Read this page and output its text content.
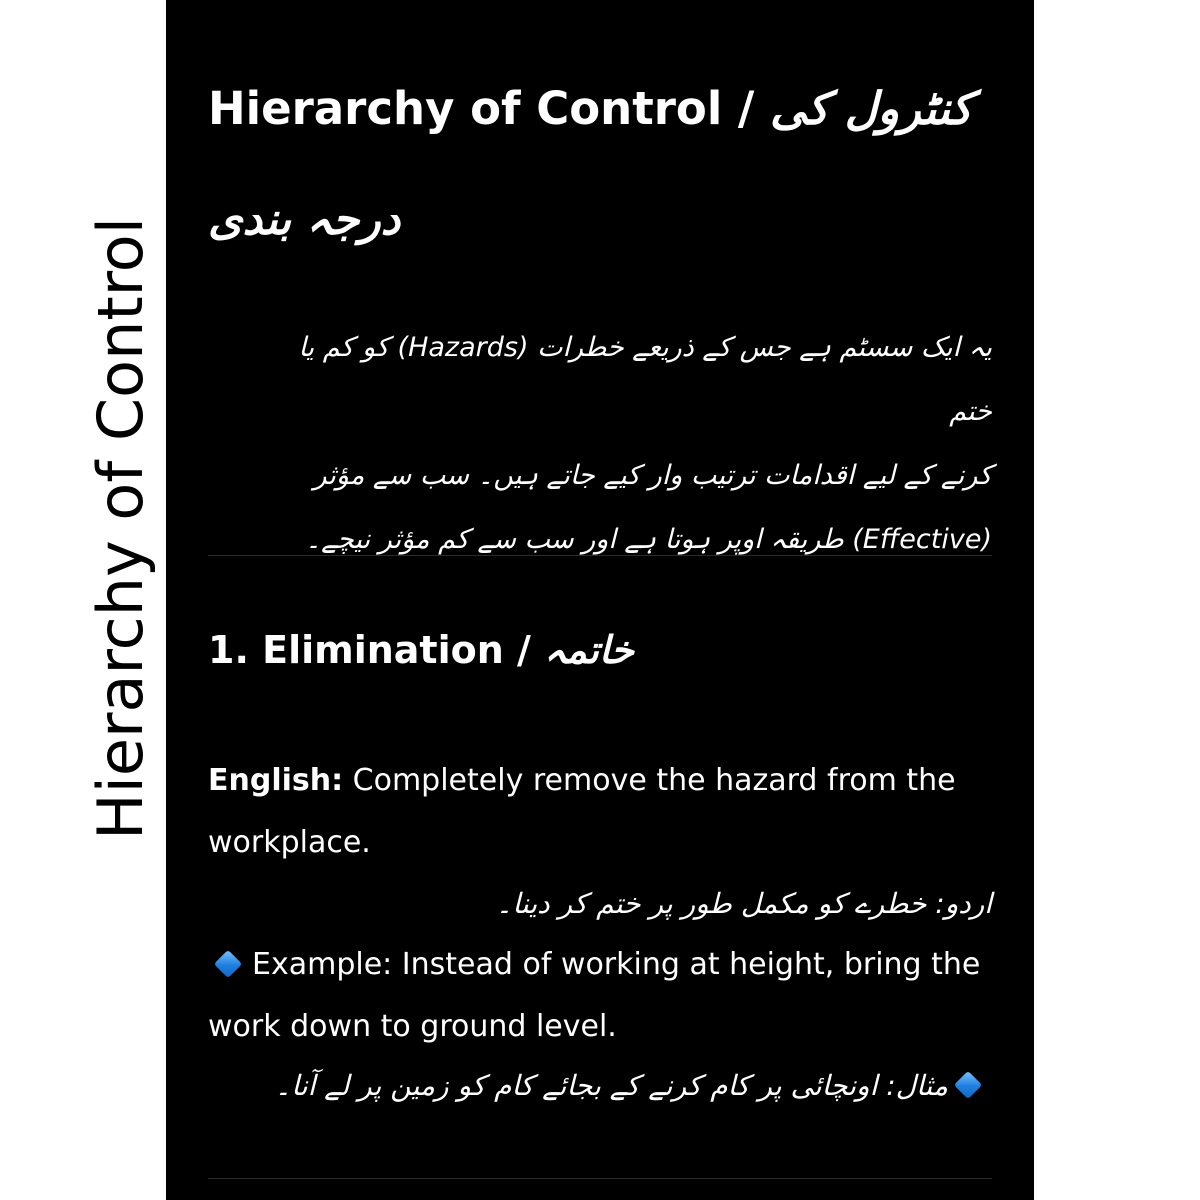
Hierarchy of Control
Hierarchy of Control / کنٹرول کی
درجہ بندی
یہ ایک سسٹم ہے جس کے ذریعے خطرات (Hazards) کو کم یا ختم
کرنے کے لیے اقدامات ترتیب وار کیے جاتے ہیں۔ سب سے مؤثر
(Effective) طریقہ اوپر ہوتا ہے اور سب سے کم مؤثر نیچے۔
1. Elimination / خاتمہ
English: Completely remove the hazard from the workplace.
اردو: خطرے کو مکمل طور پر ختم کر دینا۔
Example: Instead of working at height, bring the work down to ground level.
مثال: اونچائی پر کام کرنے کے بجائے کام کو زمین پر لے آنا۔
